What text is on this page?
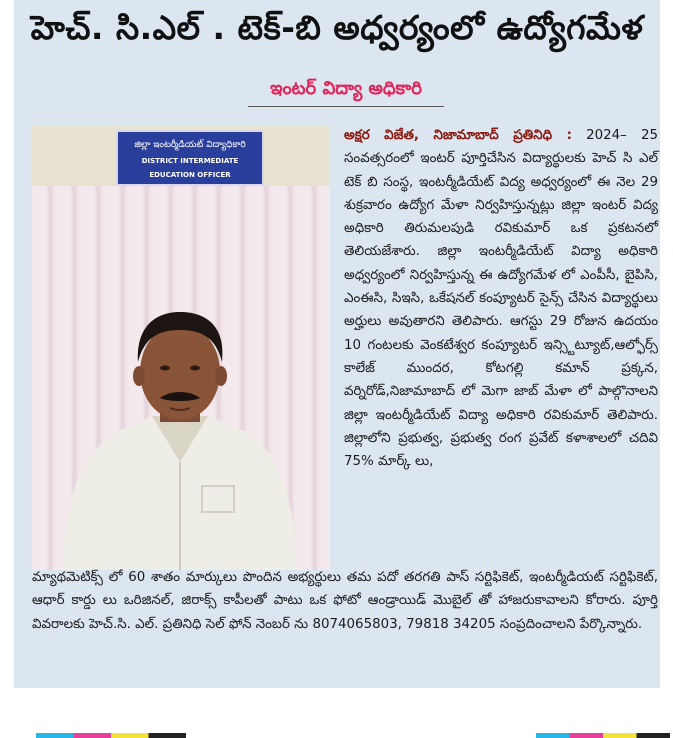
హెచ్. సి.ఎల్ . టెక్-బి అధ్వర్యంలో ఉద్యోగమేళ
ఇంటర్ విద్యా అధికారి
జిల్లా ఇంటర్మీడియట్ విద్యాధికారి
DISTRICT INTERMEDIATE EDUCATION OFFICER
అక్షర విజేత, నిజామాబాద్ ప్రతినిధి : 2024– 25 సంవత్సరంలో ఇంటర్ పూర్తిచేసిన విద్యార్థులకు హెచ్ సి ఎల్ టెక్ బి సంస్థ, ఇంటర్మీడియేట్ విద్య అధ్వర్యంలో ఈ నెల 29 శుక్రవారం ఉద్యోగ మేళా నిర్వహిస్తున్నట్లు జిల్లా ఇంటర్ విద్య అధికారి తిరుమలపుడి రవికుమార్ ఒక ప్రకటనలో తెలియజేశారు. జిల్లా ఇంటర్మీడియేట్ విద్యా అధికారి అధ్వర్యంలో నిర్వహిస్తున్న ఈ ఉద్యోగమేళ లో ఎంపీసీ, బైపిసి, ఎంఈసి, సిఇసి, ఒకేషనల్ కంప్యూటర్ సైన్స్ చేసిన విద్యార్థులు అర్హులు అవుతారని తెలిపారు. ఆగస్టు 29 రోజున ఉదయం 10 గంటలకు వెంకటేశ్వర కంప్యూటర్ ఇన్స్టిట్యూట్,ఆల్ఫోర్స్ కాలేజ్ ముందర, కోటగల్లి కమాన్ ప్రక్కన, వర్నిరోడ్,నిజామాబాద్ లో మెగా జాబ్ మేళా లో పాల్గొనాలని జిల్లా ఇంటర్మీడియేట్ విద్యా అధికారి రవికుమార్ తెలిపారు. జిల్లాలోని ప్రభుత్వ, ప్రభుత్వ రంగ ప్రవేట్ కళాశాలలో చదివి 75% మార్క్ లు,
మ్యాథమెటిక్స్ లో 60 శాతం మార్కులు పొందిన అభ్యర్థులు తమ పదో తరగతి పాస్ సర్టిఫికెట్, ఇంటర్మీడియట్ సర్టిఫికెట్, ఆధార్ కార్డు లు ఒరిజినల్, జిరాక్స్ కాపీలతో పాటు ఒక ఫోటో ఆండ్రాయిడ్ మొబైల్ తో హాజరుకావాలని కోరారు. పూర్తి వివరాలకు హెచ్.సి. ఎల్. ప్రతినిధి సెల్ ఫోన్ నెంబర్ ను 8074065803, 79818 34205 సంప్రదించాలని పేర్కొన్నారు.
